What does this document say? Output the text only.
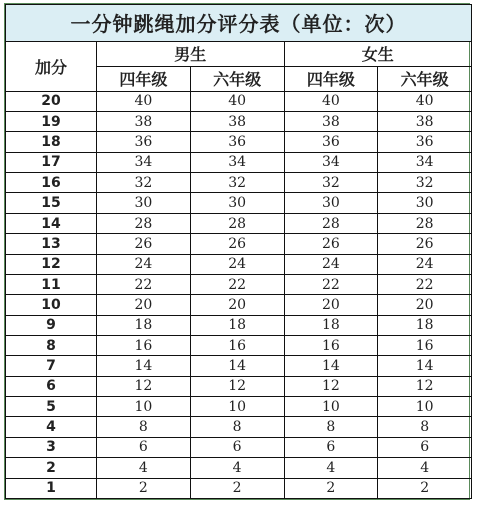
一分钟跳绳加分评分表（单位：次）				
加分	男生		女生	
	四年级	六年级	四年级	六年级
20	40	40	40	40
19	38	38	38	38
18	36	36	36	36
17	34	34	34	34
16	32	32	32	32
15	30	30	30	30
14	28	28	28	28
13	26	26	26	26
12	24	24	24	24
11	22	22	22	22
10	20	20	20	20
9	18	18	18	18
8	16	16	16	16
7	14	14	14	14
6	12	12	12	12
5	10	10	10	10
4	8	8	8	8
3	6	6	6	6
2	4	4	4	4
1	2	2	2	2
